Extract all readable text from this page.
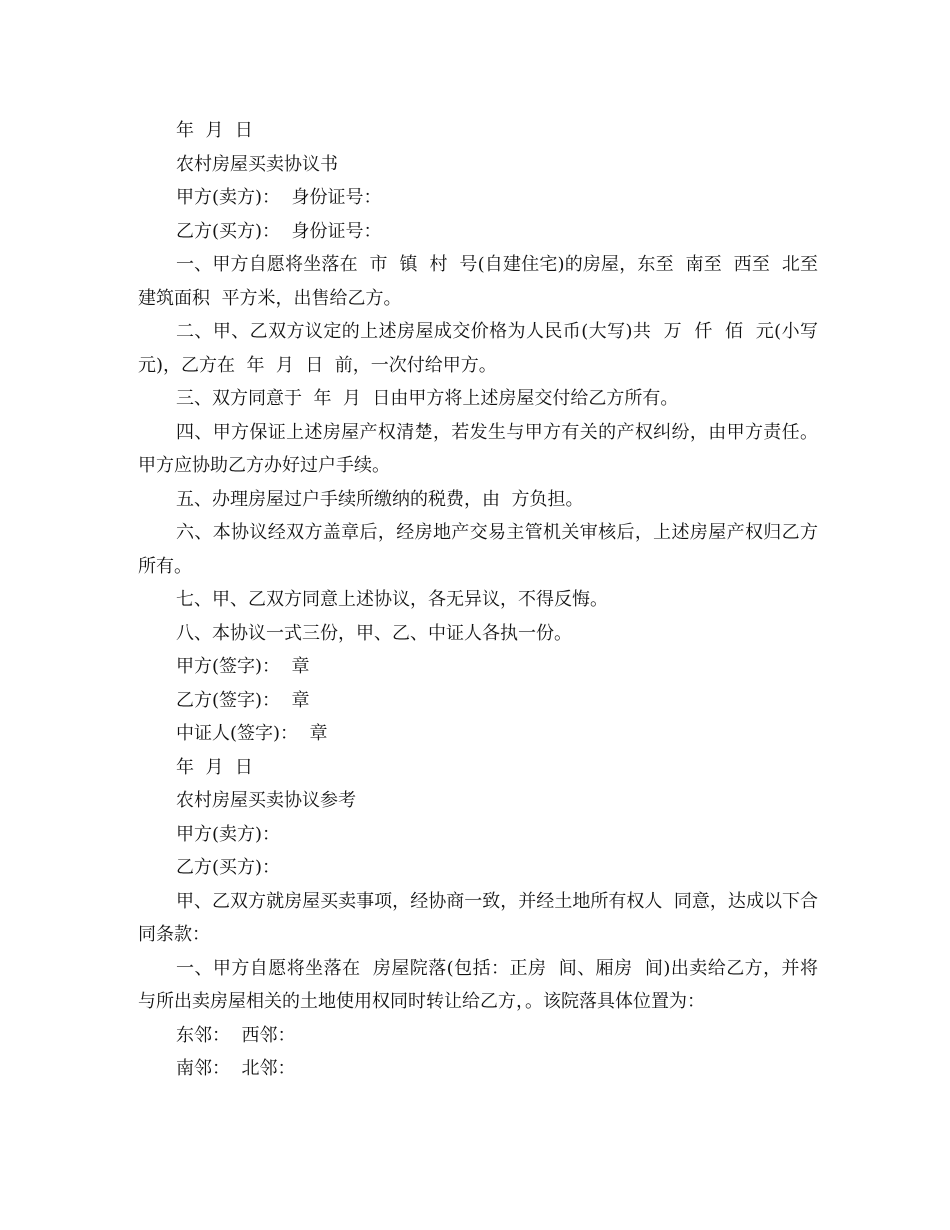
年  月  日

农村房屋买卖协议书

甲方(卖方)：  身份证号：

乙方(买方)：  身份证号：

一、甲方自愿将坐落在  市  镇  村  号(自建住宅)的房屋，东至  南至  西至  北至  建筑面积  平方米，出售给乙方。

二、甲、乙双方议定的上述房屋成交价格为人民币(大写)共  万  仟  佰  元(小写  元)，乙方在  年  月  日  前，一次付给甲方。

三、双方同意于  年  月  日由甲方将上述房屋交付给乙方所有。

四、甲方保证上述房屋产权清楚，若发生与甲方有关的产权纠纷，由甲方责任。甲方应协助乙方办好过户手续。

五、办理房屋过户手续所缴纳的税费，由  方负担。

六、本协议经双方盖章后，经房地产交易主管机关审核后，上述房屋产权归乙方所有。

七、甲、乙双方同意上述协议，各无异议，不得反悔。

八、本协议一式三份，甲、乙、中证人各执一份。

甲方(签字)：  章

乙方(签字)：  章

中证人(签字)：  章

年  月  日

农村房屋买卖协议参考

甲方(卖方)：

乙方(买方)：

甲、乙双方就房屋买卖事项，经协商一致，并经土地所有权人  同意，达成以下合同条款：

一、甲方自愿将坐落在  房屋院落(包括：正房  间、厢房  间)出卖给乙方，并将与所出卖房屋相关的土地使用权同时转让给乙方，。该院落具体位置为：

东邻：  西邻：

南邻：  北邻：
